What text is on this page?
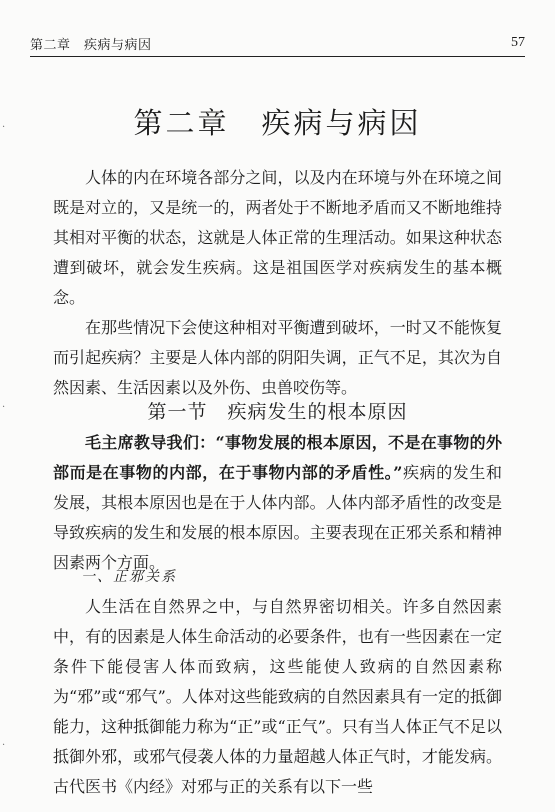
第二章　疾病与病因	57
第二章　疾病与病因

人体的内在环境各部分之间，以及内在环境与外在环境之间既是对立的，又是统一的，两者处于不断地矛盾而又不断地维持其相对平衡的状态，这就是人体正常的生理活动。如果这种状态遭到破坏，就会发生疾病。这是祖国医学对疾病发生的基本概念。

在那些情况下会使这种相对平衡遭到破坏，一时又不能恢复而引起疾病？主要是人体内部的阴阳失调，正气不足，其次为自然因素、生活因素以及外伤、虫兽咬伤等。

第一节　疾病发生的根本原因

毛主席教导我们：“事物发展的根本原因，不是在事物的外部而是在事物的内部，在于事物内部的矛盾性。”疾病的发生和发展，其根本原因也是在于人体内部。人体内部矛盾性的改变是导致疾病的发生和发展的根本原因。主要表现在正邪关系和精神因素两个方面。

一、正邪关系

人生活在自然界之中，与自然界密切相关。许多自然因素中，有的因素是人体生命活动的必要条件，也有一些因素在一定条件下能侵害人体而致病，这些能使人致病的自然因素称为“邪”或“邪气”。人体对这些能致病的自然因素具有一定的抵御能力，这种抵御能力称为“正”或“正气”。只有当人体正气不足以抵御外邪，或邪气侵袭人体的力量超越人体正气时，才能发病。古代医书《内经》对邪与正的关系有以下一些

·
·
·
